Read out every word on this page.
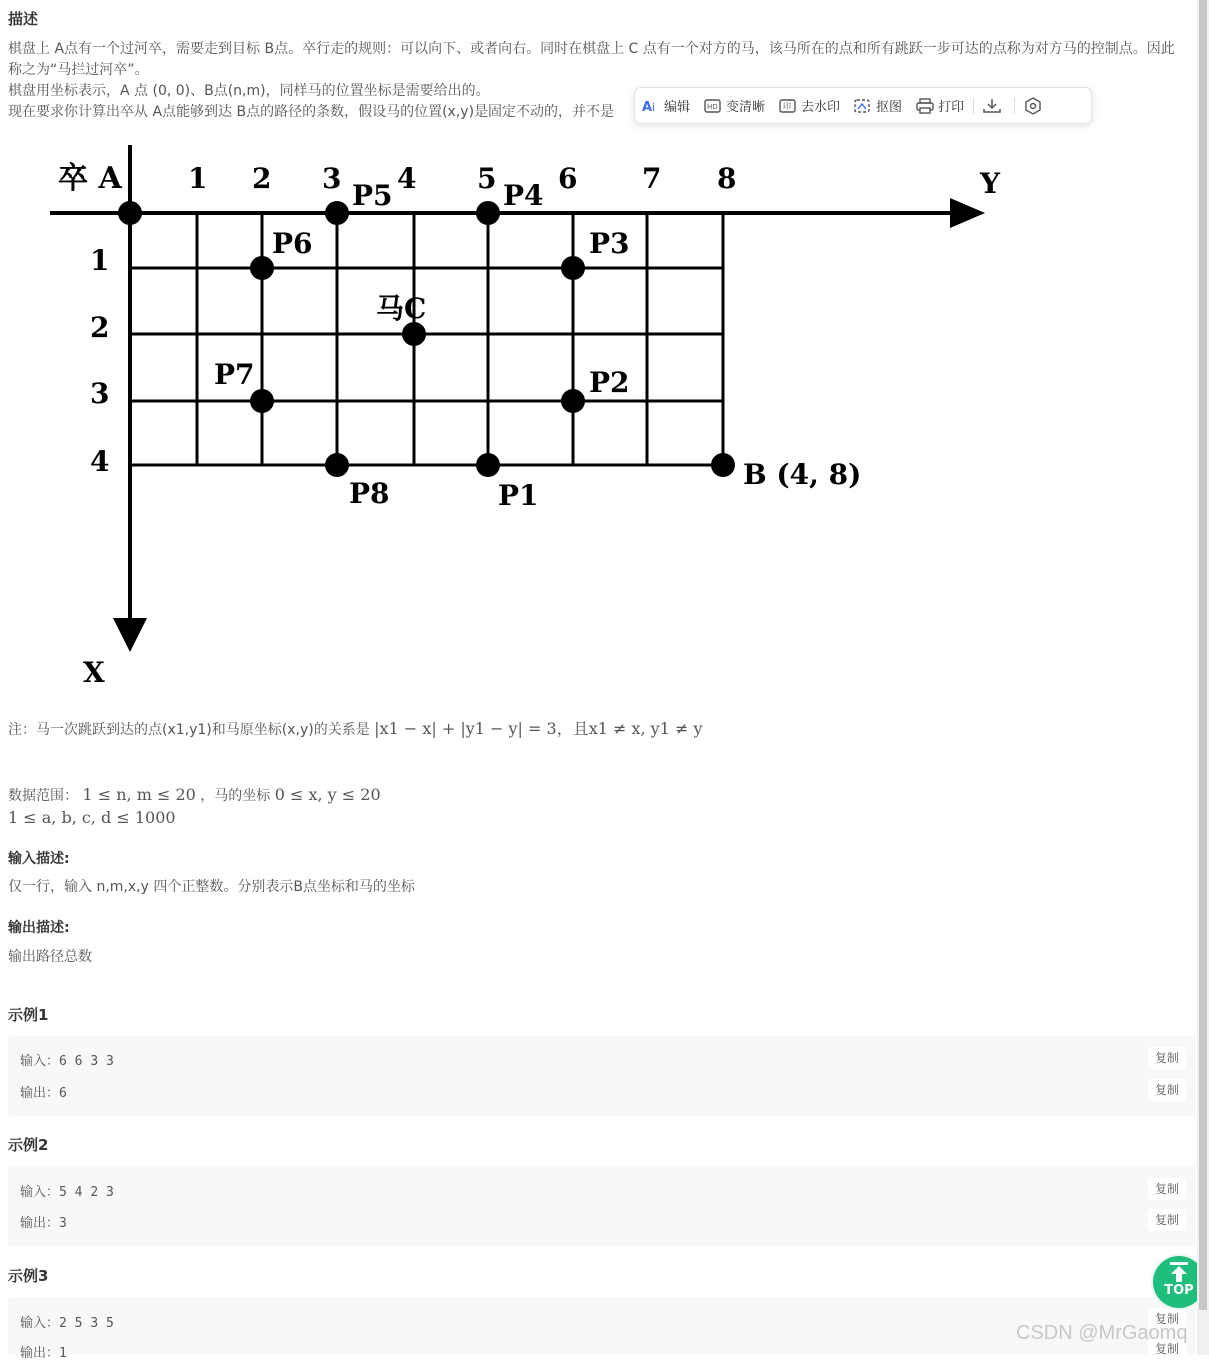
描述
棋盘上 A点有一个过河卒，需要走到目标 B点。卒行走的规则：可以向下、或者向右。同时在棋盘上 C 点有一个对方的马，该马所在的点和所有跳跃一步可达的点称为对方马的控制点。因此称之为“马拦过河卒”。
棋盘用坐标表示，A 点 (0, 0)、B点(n,m)，同样马的位置坐标是需要给出的。
现在要求你计算出卒从 A点能够到达 B点的路径的条数，假设马的位置(x,y)是固定不动的，并不是 A i 编辑 HD 变清晰 印 去水印	抠图	打印
卒 A	Y
X
1 2 3 4 5 6 7 8
1
2
3
4
P5	P4
P6	P3
马C
P7	P2
P8	P1
B (4, 8)
注：马一次跳跃到达的点(x1,y1)和马原坐标(x,y)的关系是 |x1 − x| + |y1 − y| = 3，且x1 ≠ x, y1 ≠ y
数据范围： 1 ≤ n, m ≤ 20 ，马的坐标 0 ≤ x, y ≤ 20
1 ≤ a, b, c, d ≤ 1000
输入描述:
仅一行，输入 n,m,x,y 四个正整数。分别表示B点坐标和马的坐标
输出描述:
输出路径总数
示例1
输入：6 6 3 3
输出：6
复制
复制
示例2
输入：5 4 2 3
输出：3
复制
复制
示例3
输入：2 5 3 5
输出：1
复制
复制
CSDN @MrGaomq
TOP
